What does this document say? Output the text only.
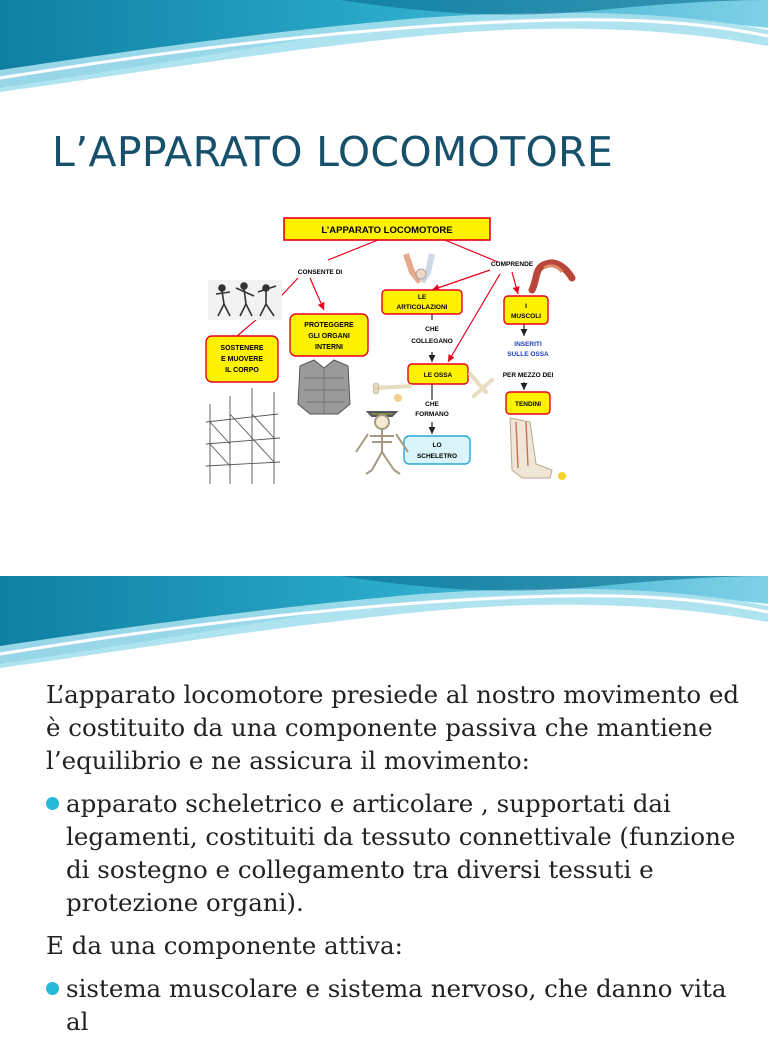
L’APPARATO LOCOMOTORE
L’APPARATO LOCOMOTORE
CONSENTE DI
COMPRENDE
SOSTENERE
E MUOVERE
IL CORPO
PROTEGGERE
GLI ORGANI
INTERNI
LE
ARTICOLAZIONI	I
MUSCOLI
CHE
COLLEGANO	INSERITI
SULLE OSSA
LE OSSA	PER MEZZO DEI
CHE
FORMANO
TENDINI
LO
SCHELETRO

L’apparato locomotore presiede al nostro movimento ed è costituito da una componente passiva che mantiene l’equilibrio e ne assicura il movimento:

apparato scheletrico e articolare , supportati dai legamenti, costituiti da tessuto connettivale (funzione di sostegno e collegamento tra diversi tessuti e protezione organi).

E da una componente attiva:

sistema muscolare e sistema nervoso, che danno vita al
